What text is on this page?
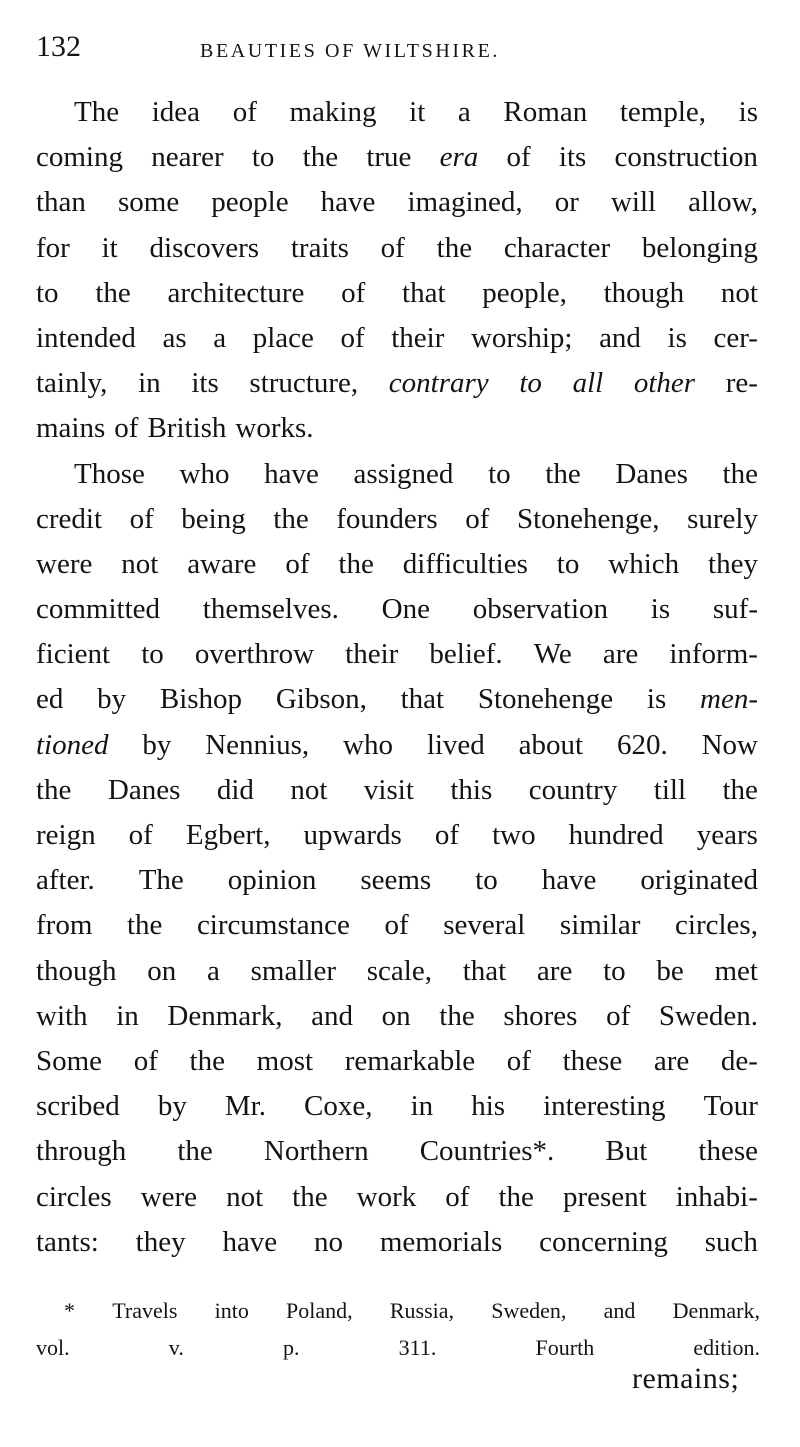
132	BEAUTIES OF WILTSHIRE.
The idea of making it a Roman temple, is
coming nearer to the true era of its construction
than some people have imagined, or will allow,
for it discovers traits of the character belonging
to the architecture of that people, though not
intended as a place of their worship; and is cer-
tainly, in its structure, contrary to all other re-
mains of British works.
Those who have assigned to the Danes the
credit of being the founders of Stonehenge, surely
were not aware of the difficulties to which they
committed themselves. One observation is suf-
ficient to overthrow their belief. We are inform-
ed by Bishop Gibson, that Stonehenge is men-
tioned by Nennius, who lived about 620. Now
the Danes did not visit this country till the
reign of Egbert, upwards of two hundred years
after. The opinion seems to have originated
from the circumstance of several similar circles,
though on a smaller scale, that are to be met
with in Denmark, and on the shores of Sweden.
Some of the most remarkable of these are de-
scribed by Mr. Coxe, in his interesting Tour
through the Northern Countries*. But these
circles were not the work of the present inhabi-
tants: they have no memorials concerning such
* Travels into Poland, Russia, Sweden, and Denmark,
vol.	v.	p.	311.	Fourth	edition.
remains;
